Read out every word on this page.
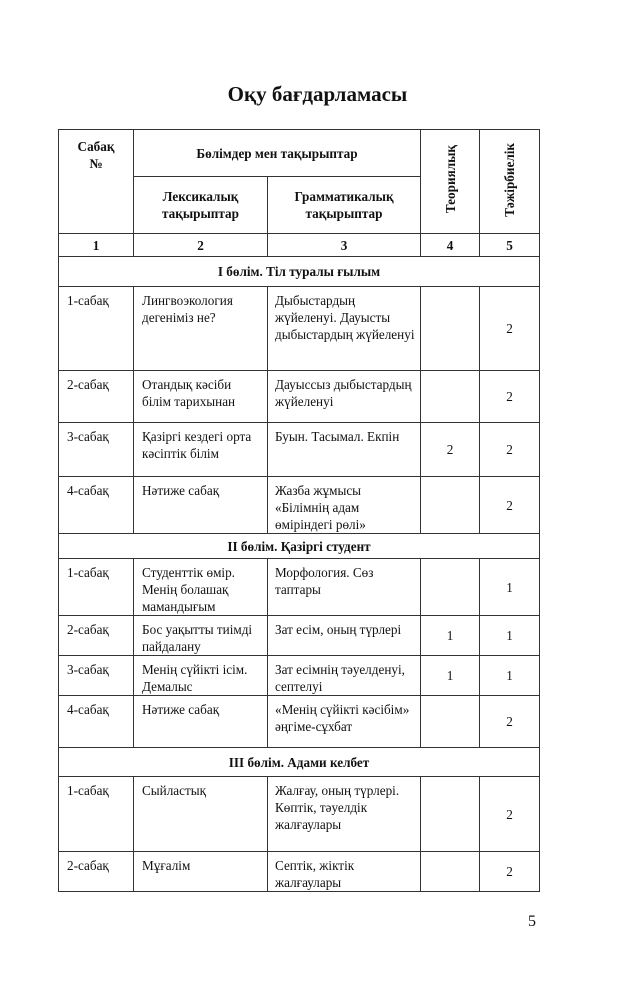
Оқу бағдарламасы
Сабақ №	Бөлімдер мен тақырыптар		Теориялық	Тәжірбиелік

	Лексикалық тақырыптар	Грамматикалық тақырыптар		

1	2	3	4	5
І бөлім. Тіл туралы ғылым				
1-сабақ	Лингвоэкология дегеніміз не?	Дыбыстардың жүйеленуі. Дауысты дыбыстардың жүйеленуі		2
2-сабақ	Отандық кәсіби білім тарихынан	Дауыссыз дыбыстардың жүйеленуі		2
3-сабақ	Қазіргі кездегі орта кәсіптік білім	Буын. Тасымал. Екпін	2	2
4-сабақ	Нәтиже сабақ	Жазба жұмысы «Білімнің адам өміріндегі рөлі»		2
ІІ бөлім. Қазіргі студент				
1-сабақ	Студенттік өмір. Менің болашақ мамандығым	Морфология. Сөз таптары		1
2-сабақ	Бос уақытты тиімді пайдалану	Зат есім, оның түрлері	1	1
3-сабақ	Менің сүйікті ісім. Демалыс	Зат есімнің тәуелденуі, септелуі	1	1
4-сабақ	Нәтиже сабақ	«Менің сүйікті кәсібім» әңгіме-сұхбат		2
ІІІ бөлім. Адами келбет				
1-сабақ	Сыйластық	Жалғау, оның түрлері. Көптік, тәуелдік жалғаулары		2
2-сабақ	Мұғалім	Септік, жіктік жалғаулары		2
5
